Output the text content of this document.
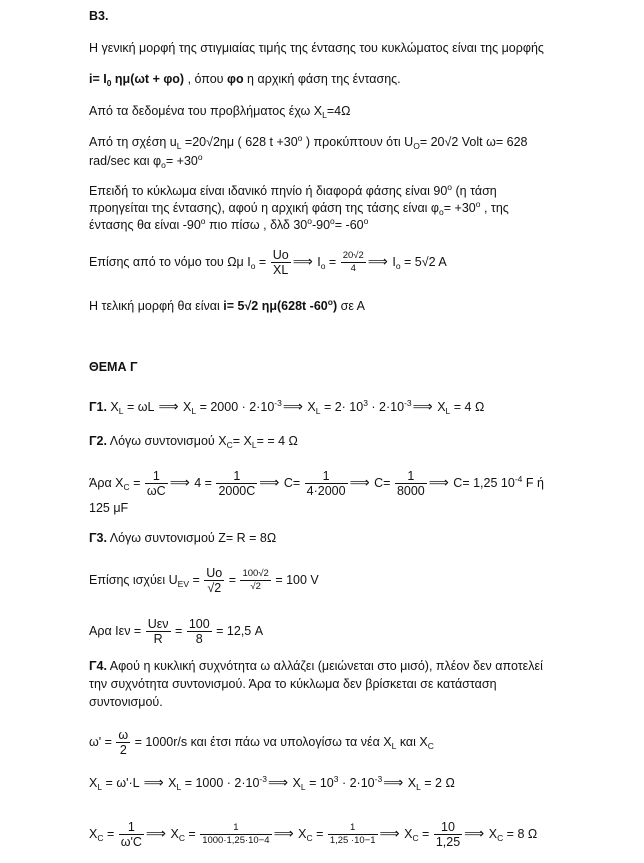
B3.
Η γενική μορφή της στιγμιαίας τιμής της έντασης του κυκλώματος είναι της μορφής
$i= I_0$ ημ(ωt + φo) , όπου φo η αρχική φάση της έντασης.
Από τα δεδομένα του προβλήματος έχω $X_L=4\Omega$
Από τη σχέση $u_L =20√2\eta\mu$ ( 628 $t +30^o$ ) προκύπτουν ότι $U_O= 20√2$ Volt ω= 628
rad/sec και $\varphi_o= +30^o$
Επειδή το κύκλωμα είναι ιδανικό πηνίο ή διαφορά φάσης είναι 90$^o$ (η τάση
προηγείται της έντασης), αφού η αρχική φάση της τάσης είναι $\varphi_o= +30^o$ , της
έντασης θα είναι -90$^o$ πιο πίσω , δλδ $30^o-90^o= -60^o$
Επίσης από το νόμο του Ωμ $I_o = \frac{Uo}{XL}$ ⟹ $I_o = \frac{20√2}{4}$ ⟹ $I_o = 5√2$ A
Η τελική μορφή θα είναι i= 5√2 ημ(628t -60$^o$) σε Α
ΘΕΜΑ Γ
Γ1. $X_L = \omega L$ ⟹ $X_L = 2000$ · $2\cdot 10^{-3}⟹$ $X_L = 2\cdot 10^3$ · $2\cdot 10^{-3}⟹$ $X_L = 4$ Ω
Γ2. Λόγω συντονισμού $X_C= X_L= = 4$ Ω
Άρα $X_C = \frac{1}{\omega C}$ ⟹ $4 = \frac{1}{2000C}$ ⟹ $C= \frac{1}{4\cdot 2000}$ ⟹ $C= \frac{1}{8000}$ ⟹ C= 1,25 $10^{-4}$ F ή
125 μF
Γ3. Λόγω συντονισμού Z= R = 8Ω
Επίσης ισχύει $U_{EV} = \frac{Uo}{√2} = \frac{100√2}{√2} = 100$ V
Αρα $I\varepsilon\nu = \frac{\text{Uεν}}{R} = \frac{100}{8} = 12,5$ A
Γ4. Αφού η κυκλική συχνότητα ω αλλάζει (μειώνεται στο μισό), πλέον δεν αποτελεί
την συχνότητα συντονισμού. Άρα το κύκλωμα δεν βρίσκεται σε κατάσταση
συντονισμού.
$\omega' = \frac{\omega}{2} = 1000r/s$ και έτσι πάω να υπολογίσω τα νέα $X_L$ και $X_C$
$X_L = \omega'\cdot L$ ⟹ $X_L = 1000$ · $2\cdot 10^{-3}⟹$ $X_L = 10^3$ · $2\cdot 10^{-3}⟹$ $X_L = 2$ Ω
$X_C = \frac{1}{\omega'C}$ ⟹ $X_C = \frac{1}{1000\cdot 1,25\cdot 10-4}$ ⟹ $X_C = \frac{1}{1,25 \cdot 10-1}$ ⟹ $X_C = \frac{10}{1,25}$ ⟹ $X_C = 8$ Ω
